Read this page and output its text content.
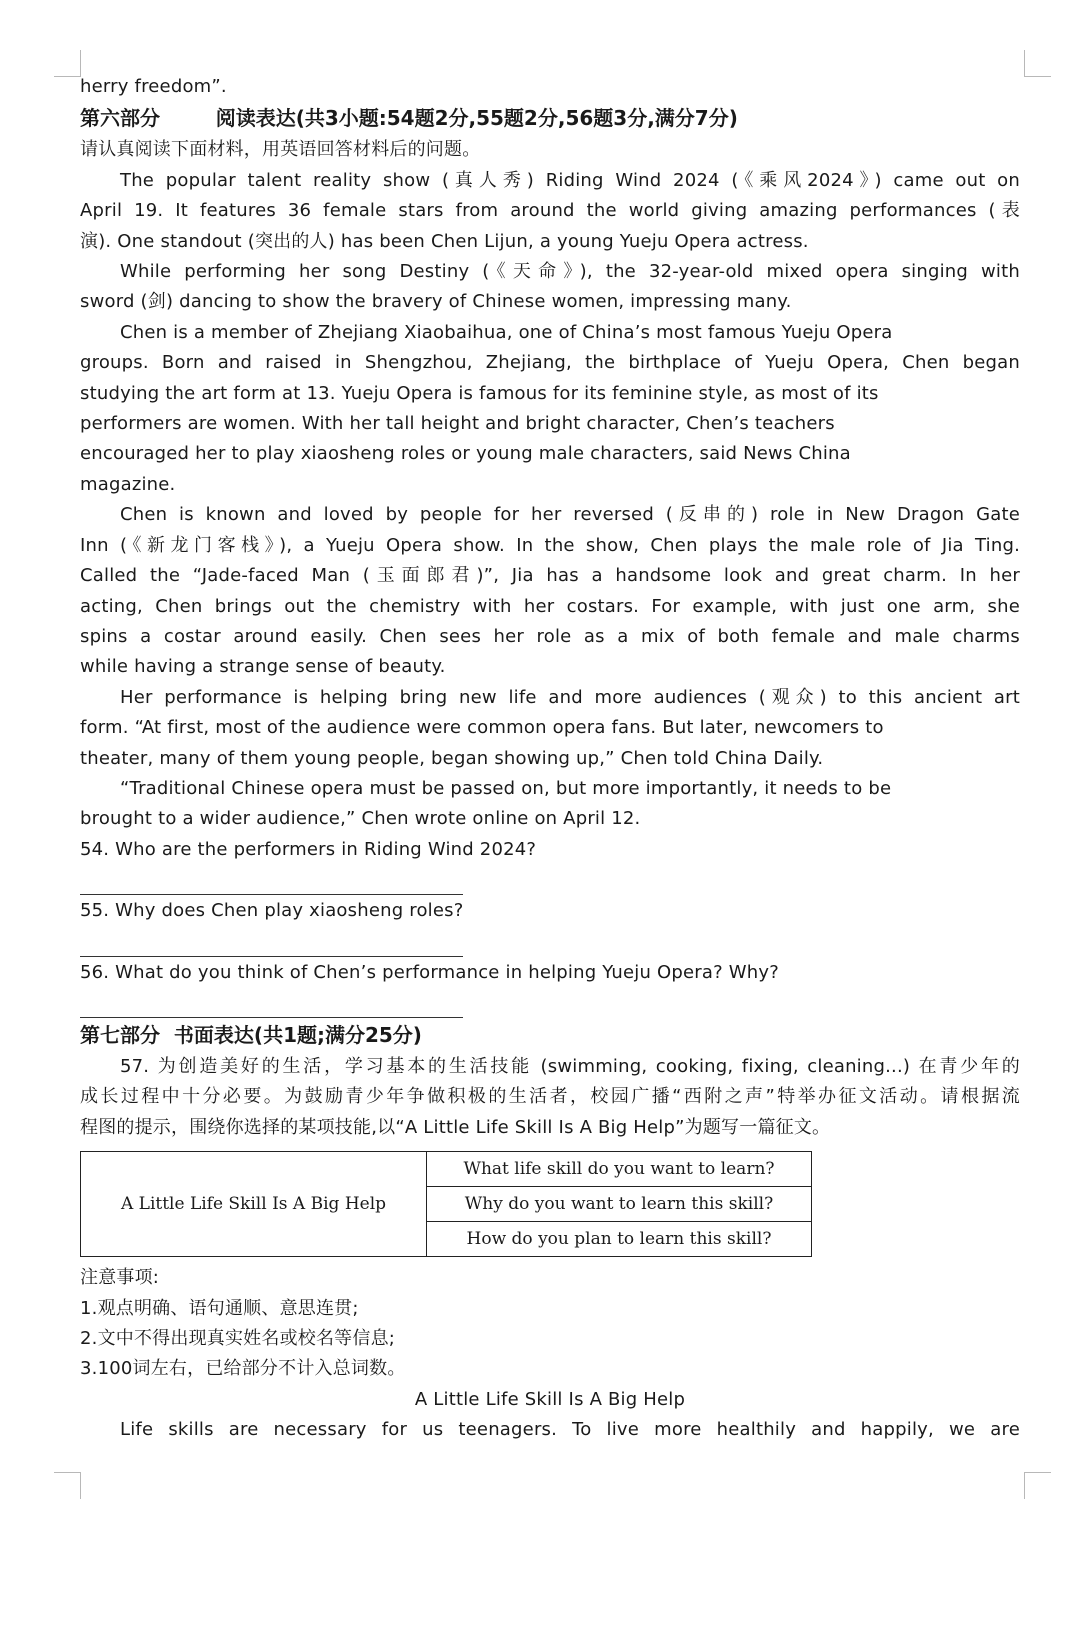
herry freedom”.
第六部分        阅读表达(共3小题:54题2分,55题2分,56题3分,满分7分)
请认真阅读下面材料，用英语回答材料后的问题。
The popular talent reality show (真人秀) Riding Wind 2024 (《乘风2024》) came out on
April 19. It features 36 female stars from around the world giving amazing performances (表
演). One standout (突出的人) has been Chen Lijun, a young Yueju Opera actress.
While performing her song Destiny (《天命》), the 32-year-old mixed opera singing with
sword (剑) dancing to show the bravery of Chinese women, impressing many.
Chen is a member of Zhejiang Xiaobaihua, one of China’s most famous Yueju Opera
groups. Born and raised in Shengzhou, Zhejiang, the birthplace of Yueju Opera, Chen began
studying the art form at 13. Yueju Opera is famous for its feminine style, as most of its
performers are women. With her tall height and bright character, Chen’s teachers
encouraged her to play xiaosheng roles or young male characters, said News China
magazine.
Chen is known and loved by people for her reversed (反串的) role in New Dragon Gate
Inn (《新龙门客栈》), a Yueju Opera show. In the show, Chen plays the male role of Jia Ting.
Called the “Jade-faced Man (玉面郎君)”, Jia has a handsome look and great charm. In her
acting, Chen brings out the chemistry with her costars. For example, with just one arm, she
spins a costar around easily. Chen sees her role as a mix of both female and male charms
while having a strange sense of beauty.
Her performance is helping bring new life and more audiences (观众) to this ancient art
form. “At first, most of the audience were common opera fans. But later, newcomers to
theater, many of them young people, began showing up,” Chen told China Daily.
“Traditional Chinese opera must be passed on, but more importantly, it needs to be
brought to a wider audience,” Chen wrote online on April 12.
54. Who are the performers in Riding Wind 2024?
55. Why does Chen play xiaosheng roles?
56. What do you think of Chen’s performance in helping Yueju Opera? Why?
第七部分  书面表达(共1题;满分25分)
57. 为创造美好的生活，学习基本的生活技能 (swimming, cooking, fixing, cleaning...) 在青少年的
成长过程中十分必要。为鼓励青少年争做积极的生活者，校园广播“西附之声”特举办征文活动。请根据流
程图的提示，围绕你选择的某项技能,以“A Little Life Skill Is A Big Help”为题写一篇征文。
A Little Life Skill Is A Big Help	What life skill do you want to learn?
Why do you want to learn this skill?
How do you plan to learn this skill?
注意事项:
1.观点明确、语句通顺、意思连贯;
2.文中不得出现真实姓名或校名等信息;
3.100词左右，已给部分不计入总词数。
A Little Life Skill Is A Big Help
Life skills are necessary for us teenagers. To live more healthily and happily, we are
